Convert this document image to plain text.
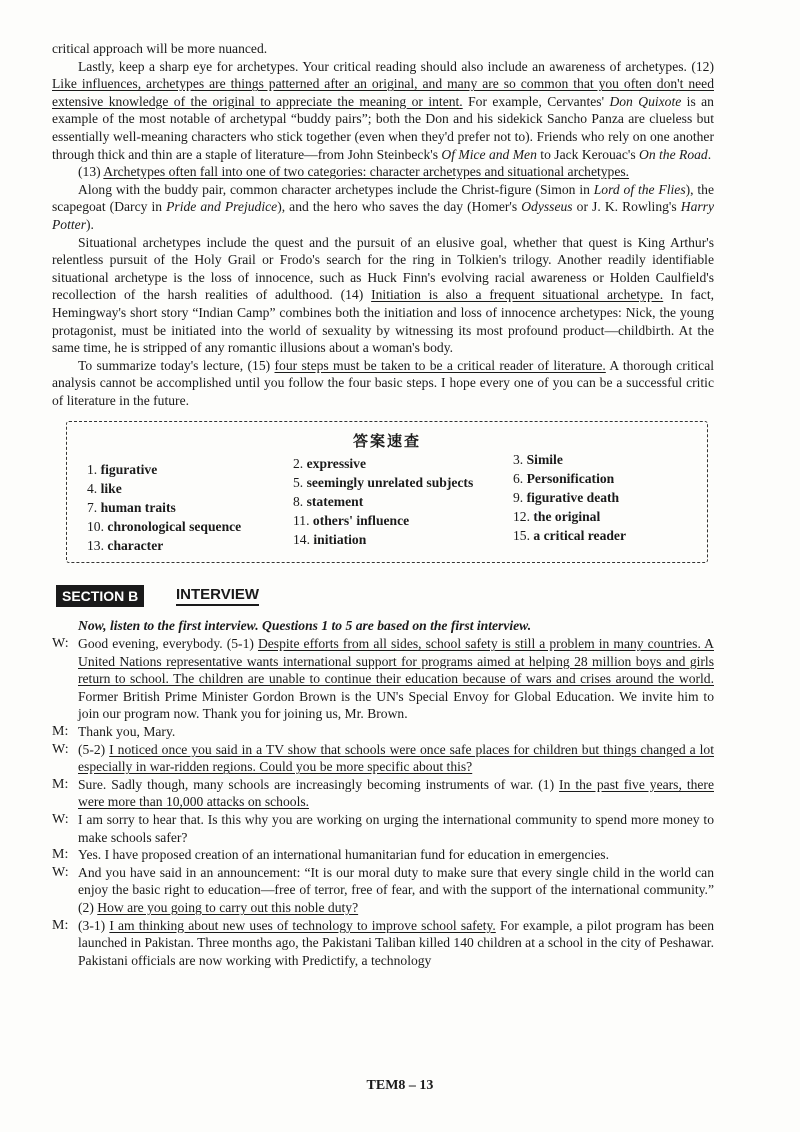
critical approach will be more nuanced.

Lastly, keep a sharp eye for archetypes. Your critical reading should also include an awareness of archetypes. (12) Like influences, archetypes are things patterned after an original, and many are so common that you often don't need extensive knowledge of the original to appreciate the meaning or intent. For example, Cervantes' Don Quixote is an example of the most notable of archetypal “buddy pairs”; both the Don and his sidekick Sancho Panza are clueless but essentially well-meaning characters who stick together (even when they'd prefer not to). Friends who rely on one another through thick and thin are a staple of literature—from John Steinbeck's Of Mice and Men to Jack Kerouac's On the Road.

(13) Archetypes often fall into one of two categories: character archetypes and situational archetypes.

Along with the buddy pair, common character archetypes include the Christ-figure (Simon in Lord of the Flies), the scapegoat (Darcy in Pride and Prejudice), and the hero who saves the day (Homer's Odysseus or J. K. Rowling's Harry Potter).

Situational archetypes include the quest and the pursuit of an elusive goal, whether that quest is King Arthur's relentless pursuit of the Holy Grail or Frodo's search for the ring in Tolkien's trilogy. Another readily identifiable situational archetype is the loss of innocence, such as Huck Finn's evolving racial awareness or Holden Caulfield's recollection of the harsh realities of adulthood. (14) Initiation is also a frequent situational archetype. In fact, Hemingway's short story “Indian Camp” combines both the initiation and loss of innocence archetypes: Nick, the young protagonist, must be initiated into the world of sexuality by witnessing its most profound product—childbirth. At the same time, he is stripped of any romantic illusions about a woman's body.

To summarize today's lecture, (15) four steps must be taken to be a critical reader of literature. A thorough critical analysis cannot be accomplished until you follow the four basic steps. I hope every one of you can be a successful critic of literature in the future.

答案速查
1. figurative
4. like
7. human traits
10. chronological sequence
13. character
2. expressive
5. seemingly unrelated subjects
8. statement
11. others' influence
14. initiation
3. Simile
6. Personification
9. figurative death
12. the original
15. a critical reader
SECTION B	INTERVIEW
Now, listen to the first interview. Questions 1 to 5 are based on the first interview.
W: Good evening, everybody. (5-1) Despite efforts from all sides, school safety is still a problem in many countries. A United Nations representative wants international support for programs aimed at helping 28 million boys and girls return to school. The children are unable to continue their education because of wars and crises around the world. Former British Prime Minister Gordon Brown is the UN's Special Envoy for Global Education. We invite him to join our program now. Thank you for joining us, Mr. Brown.

M: Thank you, Mary.

W: (5-2) I noticed once you said in a TV show that schools were once safe places for children but things changed a lot especially in war-ridden regions. Could you be more specific about this?

M: Sure. Sadly though, many schools are increasingly becoming instruments of war. (1) In the past five years, there were more than 10,000 attacks on schools.

W: I am sorry to hear that. Is this why you are working on urging the international community to spend more money to make schools safer?

M: Yes. I have proposed creation of an international humanitarian fund for education in emergencies.

W: And you have said in an announcement: “It is our moral duty to make sure that every single child in the world can enjoy the basic right to education—free of terror, free of fear, and with the support of the international community.” (2) How are you going to carry out this noble duty?

M: (3-1) I am thinking about new uses of technology to improve school safety. For example, a pilot program has been launched in Pakistan. Three months ago, the Pakistani Taliban killed 140 children at a school in the city of Peshawar. Pakistani officials are now working with Predictify, a technology

TEM8 – 13
